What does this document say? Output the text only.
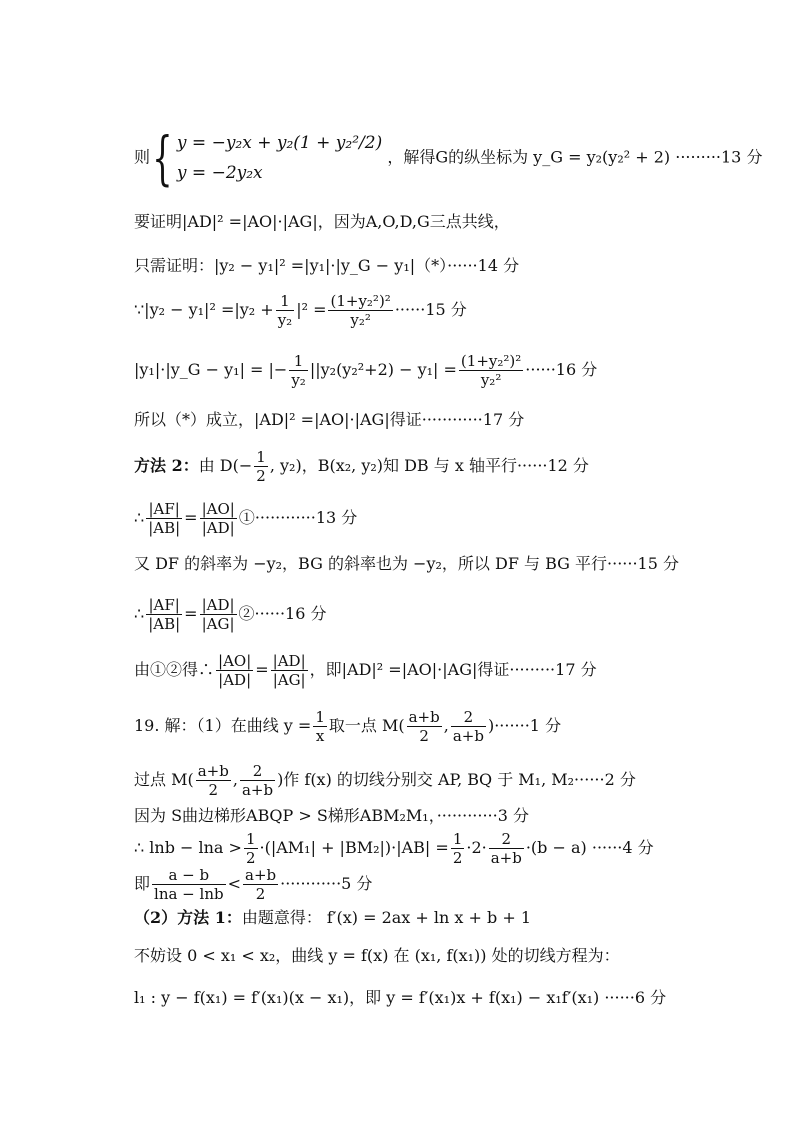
则 { y = −y₂x + y₂(1 + y₂²/2)
y = −2y₂x
，解得G的纵坐标为 y_G = y₂(y₂² + 2) ·········13 分
要证明|AD|² =|AO|·|AG|，因为A,O,D,G三点共线，
只需证明：|y₂ − y₁|² =|y₁|·|y_G − y₁|（*）······14 分
∵|y₂ − $y_1|^2 =|y_2 + \frac{1}{\text{y₂}} |^2 = \frac{\text{(1+y₂²)²}}{\text{y₂²}} \cdot\cdot\cdot\cdot\cdot\cdot 15$ 分
|y₁|·|y_G − y₁| = |− $\frac{1}{\text{y₂}} ||y_2(y_2^2+2) - y_1| = \frac{\text{(1+y₂²)²}}{\text{y₂²}} \cdot\cdot\cdot\cdot\cdot\cdot 16$ 分
所以（*）成立，|AD|² =|AO|·|AG|得证············17 分
方法 2：由 $D(- \frac{1}{2}$ , y₂)，B(x₂, y₂)知 DB 与 x 轴平行······12 分
∴ $\frac{|AF|}{|AB|} = \frac{|AO|}{|AD|}$ ①············13 分
又 DF 的斜率为 −y₂，BG 的斜率也为 −y₂，所以 DF 与 BG 平行······15 分
∴ $\frac{|AF|}{|AB|} = \frac{|AD|}{|AG|}$ ②······16 分
由①②得∴ $\frac{|AO|}{|AD|} = \frac{|AD|}{|AG|}$ ，即|AD|² =|AO|·|AG|得证·········17 分
19. 解：（1）在曲线 $y = \frac{1}{x}$ 取一点 $M( \frac{a+b}{2}$ , $\frac{2}{a+b} )\cdot\cdot\cdot\cdot\cdot\cdot\cdot 1$ 分
过点 $M( \frac{a+b}{2}$ , $\frac{2}{a+b}$ )作 f(x) 的切线分别交 AP, BQ 于 M₁, M₂······2 分
因为 S曲边梯形ABQP > S梯形ABM₂M₁，············3 分
∴ $\ln b - \ln a > \frac{1}{2} \cdot(|AM_1| + |BM_2|)\cdot|AB| = \frac{1}{2} \cdot 2\cdot \frac{2}{a+b} \cdot(b - a) \cdot\cdot\cdot\cdot\cdot\cdot 4$ 分
即 $\frac{a - b}{\ln a - \ln b} < \frac{a+b}{2} \cdot\cdot\cdot\cdot\cdot\cdot\cdot\cdot\cdot\cdot\cdot\cdot 5$ 分
（2）方法 1：由题意得： f′(x) = 2ax + ln x + b + 1
不妨设 0 < x₁ < x₂，曲线 y = f(x) 在 (x₁, f(x₁)) 处的切线方程为：
l₁ : y − f(x₁) = f′(x₁)(x − x₁)，即 y = f′(x₁)x + f(x₁) − x₁f′(x₁) ······6 分
